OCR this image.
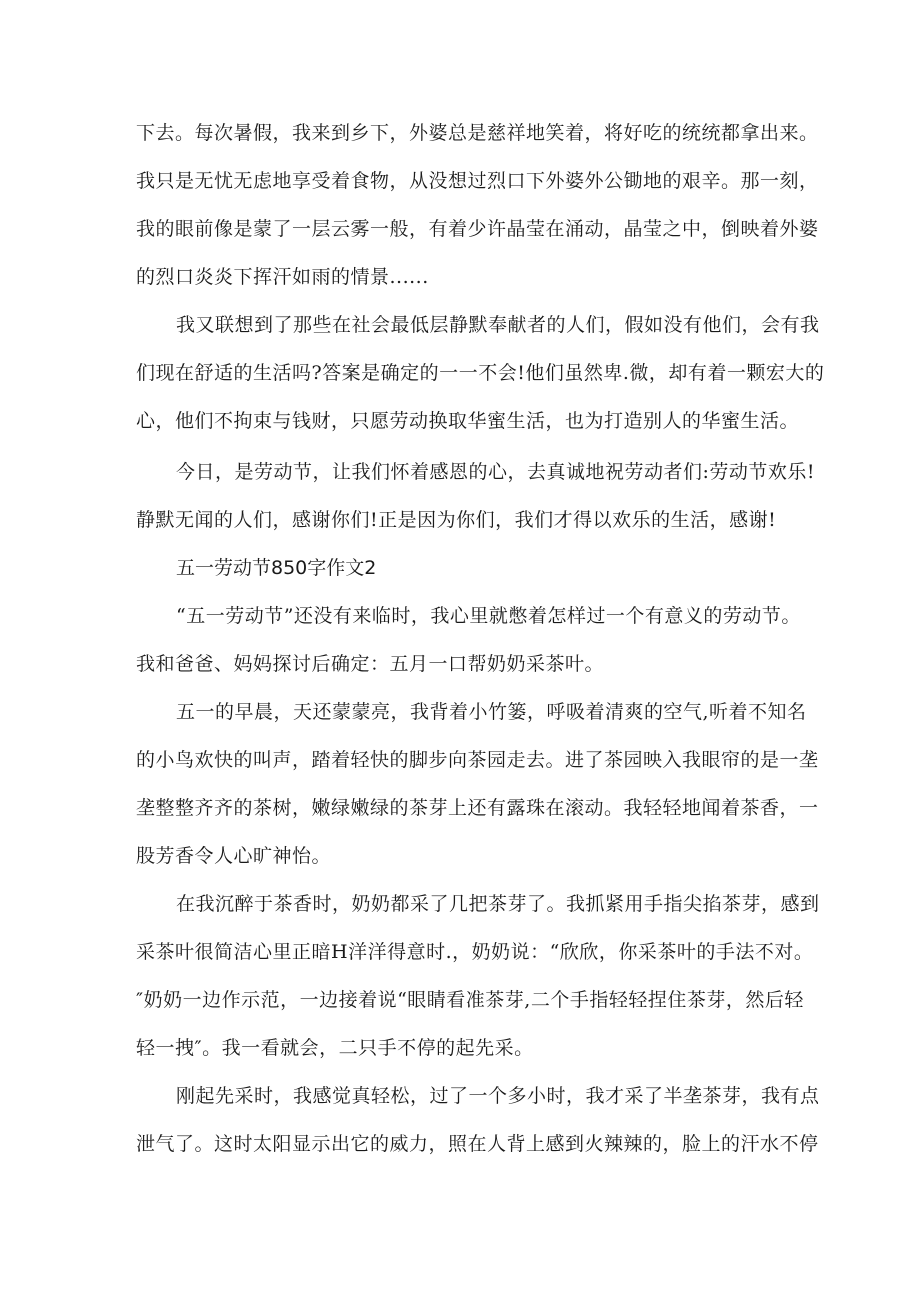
下去。每次暑假，我来到乡下，外婆总是慈祥地笑着，将好吃的统统都拿出来。
我只是无忧无虑地享受着食物，从没想过烈口下外婆外公锄地的艰辛。那一刻，
我的眼前像是蒙了一层云雾一般，有着少许晶莹在涌动，晶莹之中，倒映着外婆
的烈口炎炎下挥汗如雨的情景......
我又联想到了那些在社会最低层静默奉献者的人们，假如没有他们，会有我
们现在舒适的生活吗?答案是确定的一一不会!他们虽然卑.微，却有着一颗宏大的
心，他们不拘束与钱财，只愿劳动换取华蜜生活，也为打造别人的华蜜生活。
今日，是劳动节，让我们怀着感恩的心，去真诚地祝劳动者们:劳动节欢乐!
静默无闻的人们，感谢你们!正是因为你们，我们才得以欢乐的生活，感谢!
五一劳动节850字作文2
“五一劳动节”还没有来临时，我心里就憋着怎样过一个有意义的劳动节。
我和爸爸、妈妈探讨后确定：五月一口帮奶奶采茶叶。
五一的早晨，天还蒙蒙亮，我背着小竹篓，呼吸着清爽的空气,听着不知名
的小鸟欢快的叫声，踏着轻快的脚步向茶园走去。进了茶园映入我眼帘的是一垄
垄整整齐齐的茶树，嫩绿嫩绿的茶芽上还有露珠在滚动。我轻轻地闻着茶香，一
股芳香令人心旷神怡。
在我沉醉于茶香时，奶奶都采了几把茶芽了。我抓紧用手指尖掐茶芽，感到
采茶叶很简洁心里正暗H洋洋得意时.，奶奶说：“欣欣，你采茶叶的手法不对。
″奶奶一边作示范，一边接着说“眼睛看准茶芽,二个手指轻轻捏住茶芽，然后轻
轻一拽″。我一看就会，二只手不停的起先采。
刚起先采时，我感觉真轻松，过了一个多小时，我才采了半垄茶芽，我有点
泄气了。这时太阳显示出它的威力，照在人背上感到火辣辣的，脸上的汗水不停
